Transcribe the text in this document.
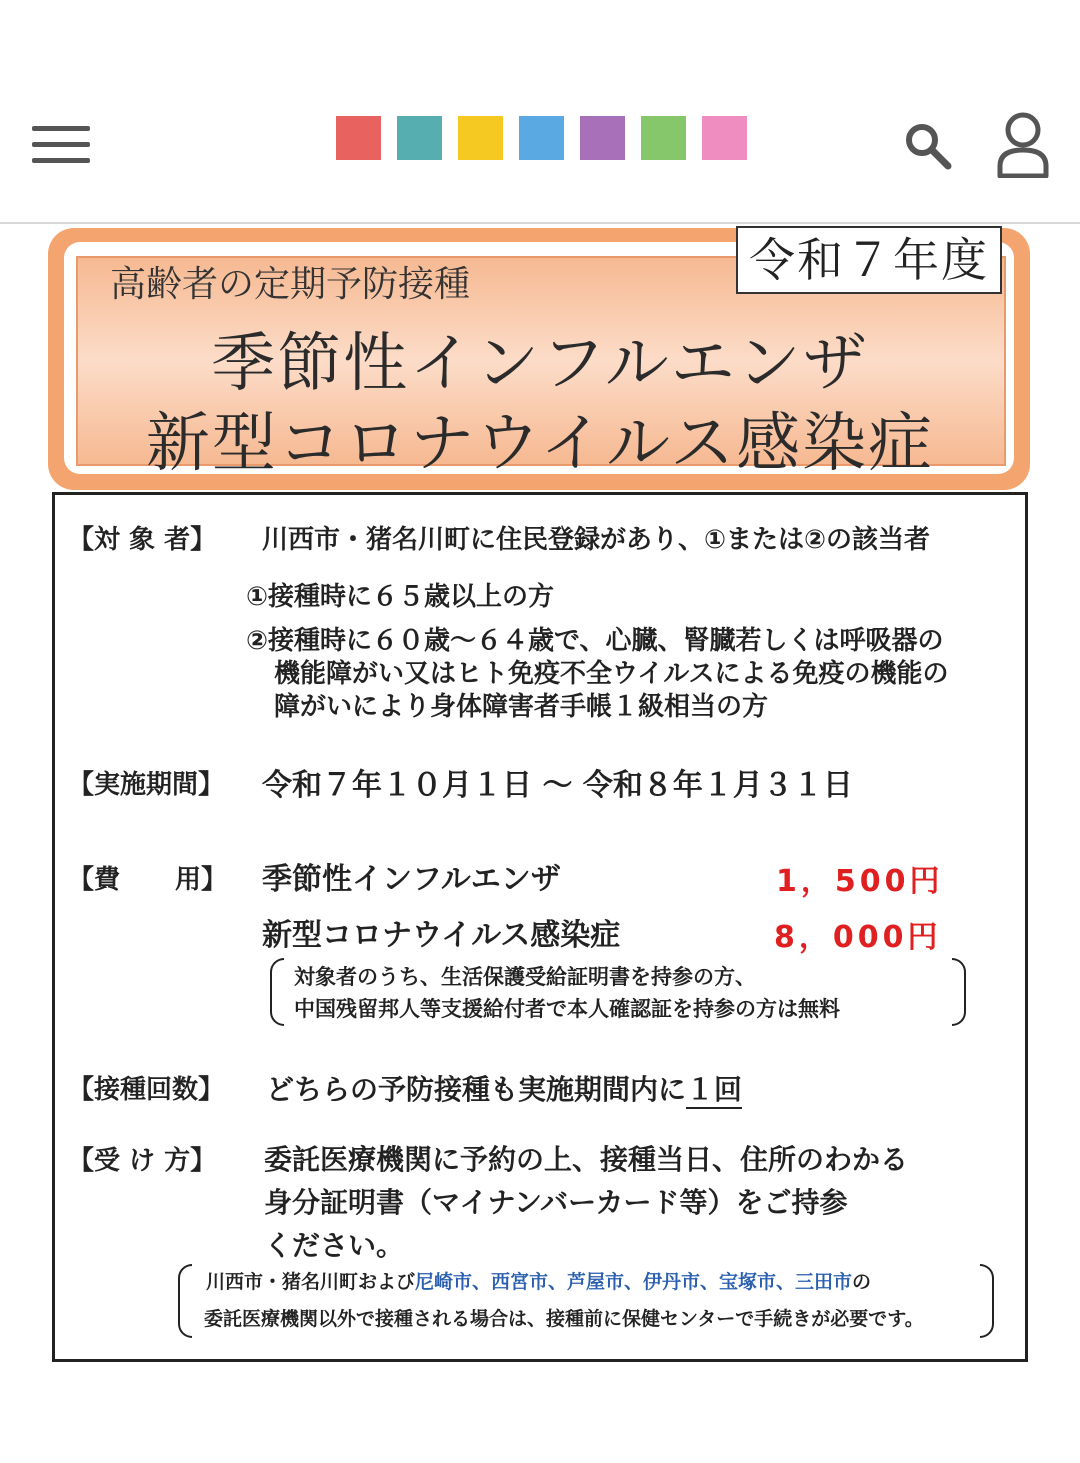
令和７年度
高齢者の定期予防接種
季節性インフルエンザ
新型コロナウイルス感染症
【対 象 者】 川西市・猪名川町に住民登録があり、①または②の該当者
①接種時に６５歳以上の方
②接種時に６０歳～６４歳で、心臓、腎臓若しくは呼吸器の
機能障がい又はヒト免疫不全ウイルスによる免疫の機能の
障がいにより身体障害者手帳１級相当の方
【実施期間】 令和７年１０月１日 ～ 令和８年１月３１日
【費 用】 季節性インフルエンザ	1，500円
新型コロナウイルス感染症	8，000円
対象者のうち、生活保護受給証明書を持参の方、
中国残留邦人等支援給付者で本人確認証を持参の方は無料
【接種回数】 どちらの予防接種も実施期間内に１回
【受 け 方】 委託医療機関に予約の上、接種当日、住所のわかる
身分証明書（マイナンバーカード等）をご持参
ください。
川西市・猪名川町および尼崎市、西宮市、芦屋市、伊丹市、宝塚市、三田市の
委託医療機関以外で接種される場合は、接種前に保健センターで手続きが必要です。
